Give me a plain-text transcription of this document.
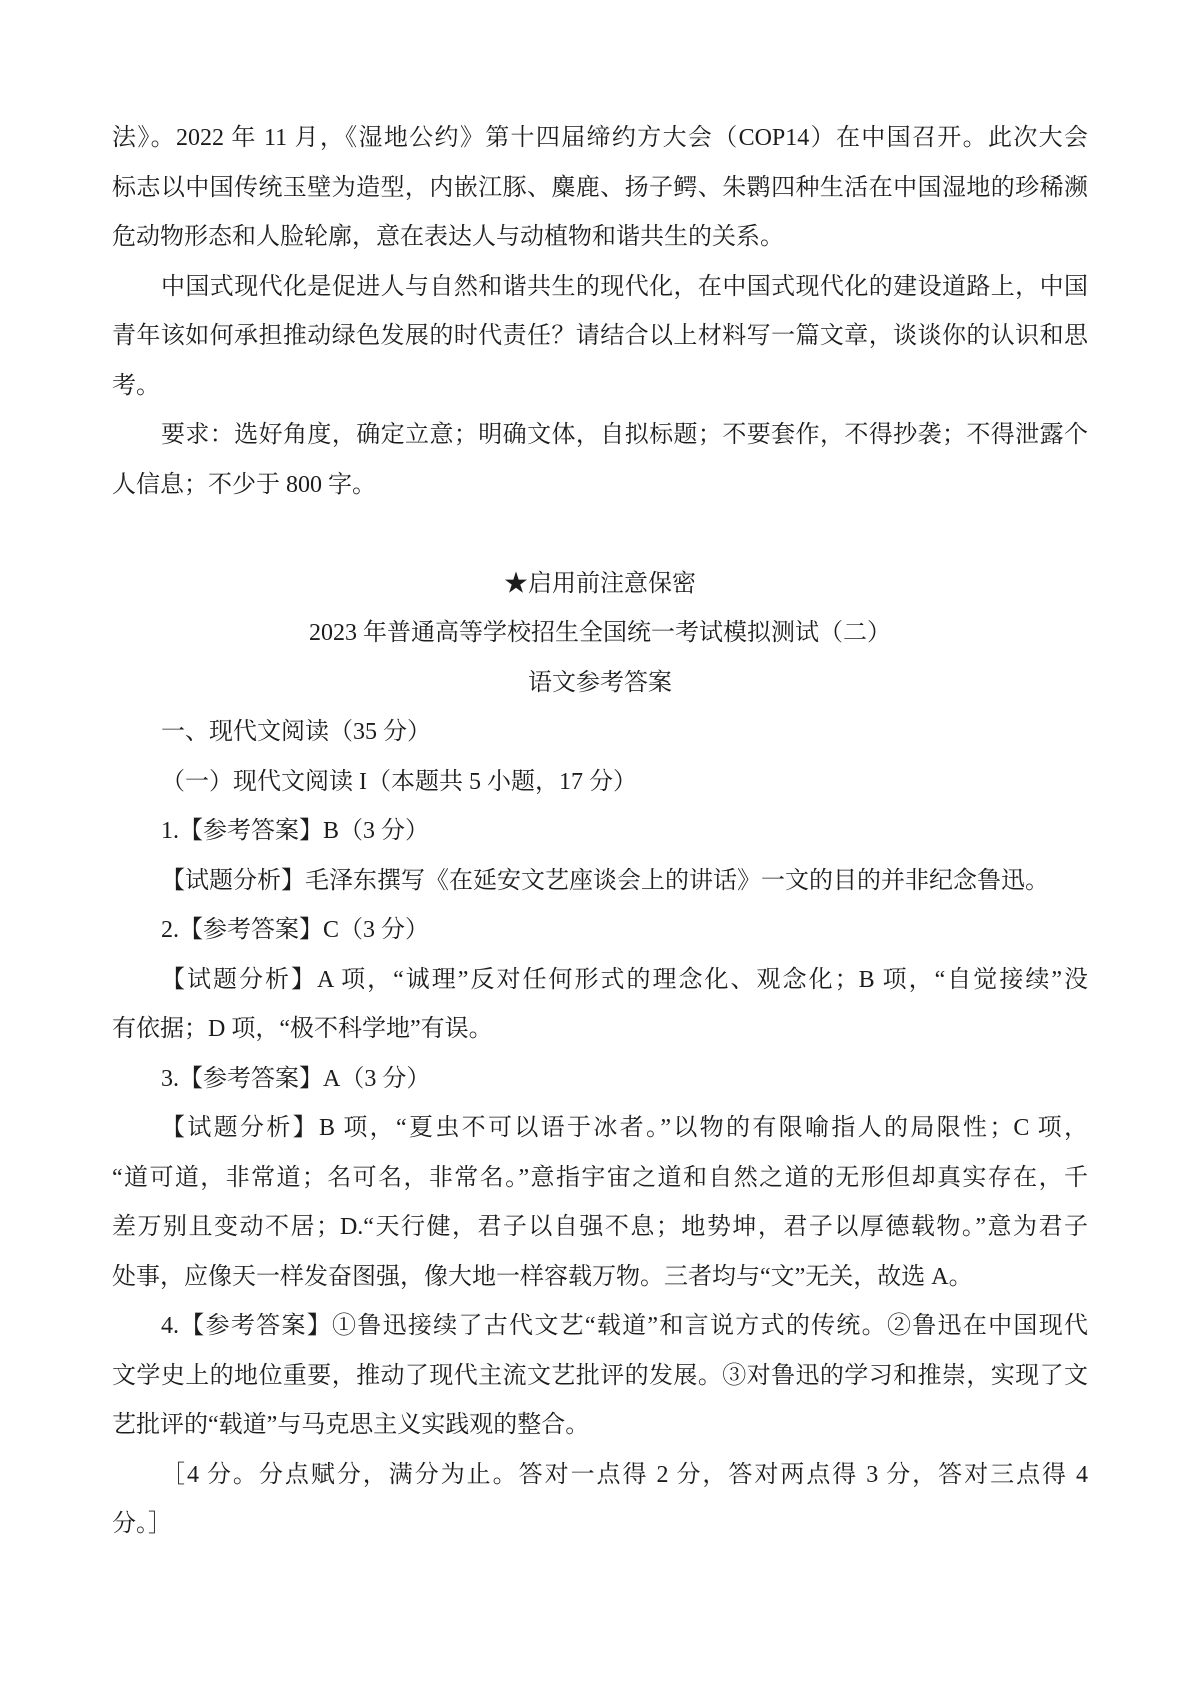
法》。2022 年 11 月，《湿地公约》第十四届缔约方大会（COP14）在中国召开。此次大会
标志以中国传统玉壁为造型，内嵌江豚、麋鹿、扬子鳄、朱鹮四种生活在中国湿地的珍稀濒
危动物形态和人脸轮廓，意在表达人与动植物和谐共生的关系。
中国式现代化是促进人与自然和谐共生的现代化，在中国式现代化的建设道路上，中国
青年该如何承担推动绿色发展的时代责任？请结合以上材料写一篇文章，谈谈你的认识和思
考。
要求：选好角度，确定立意；明确文体，自拟标题；不要套作，不得抄袭；不得泄露个
人信息；不少于 800 字。
★启用前注意保密
2023 年普通高等学校招生全国统一考试模拟测试（二）
语文参考答案
一、现代文阅读（35 分）
（一）现代文阅读 I（本题共 5 小题，17 分）
1.【参考答案】B（3 分）
【试题分析】毛泽东撰写《在延安文艺座谈会上的讲话》一文的目的并非纪念鲁迅。
2.【参考答案】C（3 分）
【试题分析】A 项，“诚理”反对任何形式的理念化、观念化；B 项，“自觉接续”没
有依据；D 项，“极不科学地”有误。
3.【参考答案】A（3 分）
【试题分析】B 项，“夏虫不可以语于冰者。”以物的有限喻指人的局限性；C 项，
“道可道，非常道；名可名，非常名。”意指宇宙之道和自然之道的无形但却真实存在，千
差万别且变动不居；D.“天行健，君子以自强不息；地势坤，君子以厚德载物。”意为君子
处事，应像天一样发奋图强，像大地一样容载万物。三者均与“文”无关，故选 A。
4.【参考答案】①鲁迅接续了古代文艺“载道”和言说方式的传统。②鲁迅在中国现代
文学史上的地位重要，推动了现代主流文艺批评的发展。③对鲁迅的学习和推崇，实现了文
艺批评的“载道”与马克思主义实践观的整合。
［4 分。分点赋分，满分为止。答对一点得 2 分，答对两点得 3 分，答对三点得 4
分。］
